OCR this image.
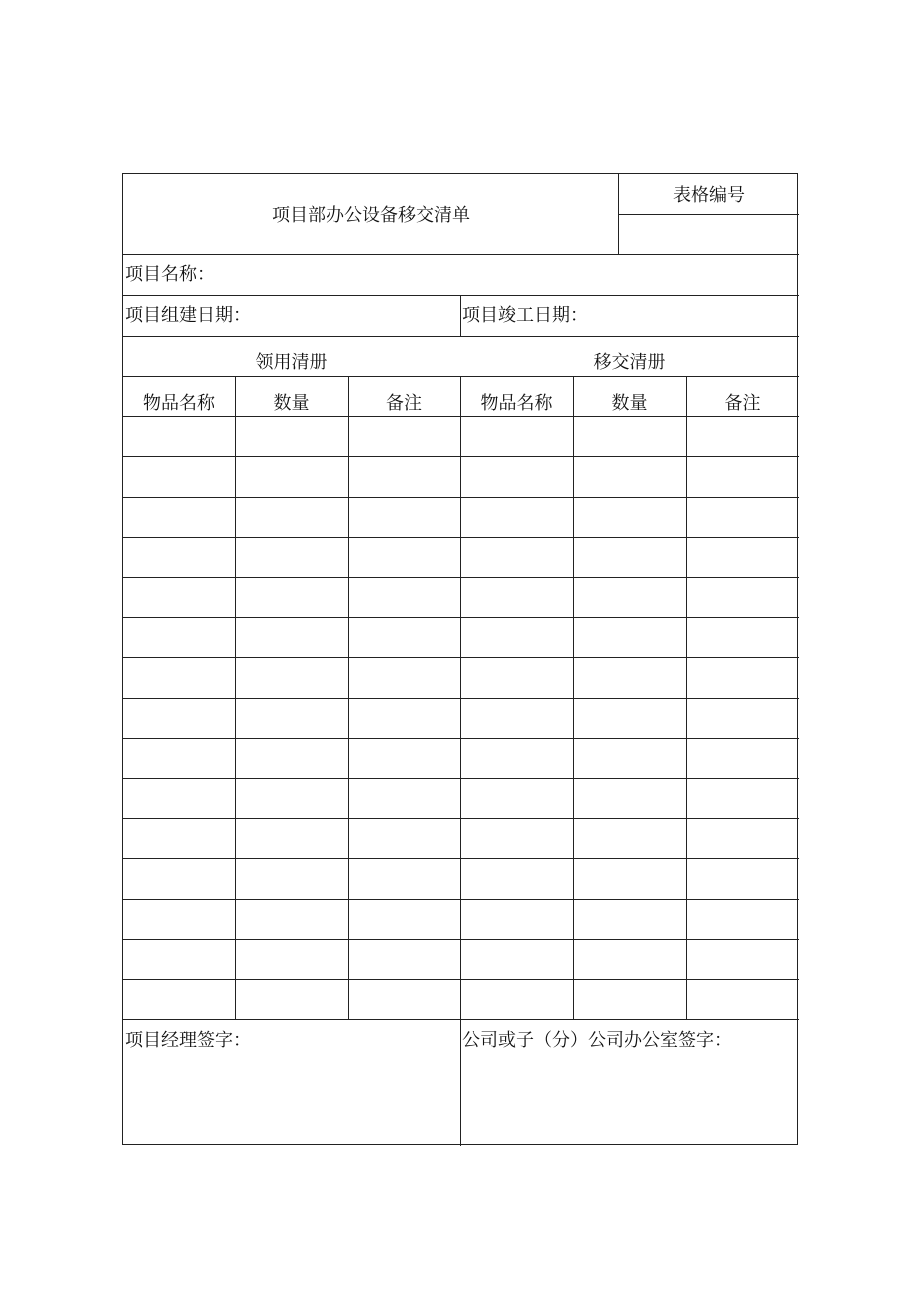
项目部办公设备移交清单
表格编号
项目名称：
项目组建日期：	项目竣工日期：
领用清册	移交清册
物品名称	数量	备注	物品名称	数量	备注
项目经理签字：	公司或子（分）公司办公室签字：
